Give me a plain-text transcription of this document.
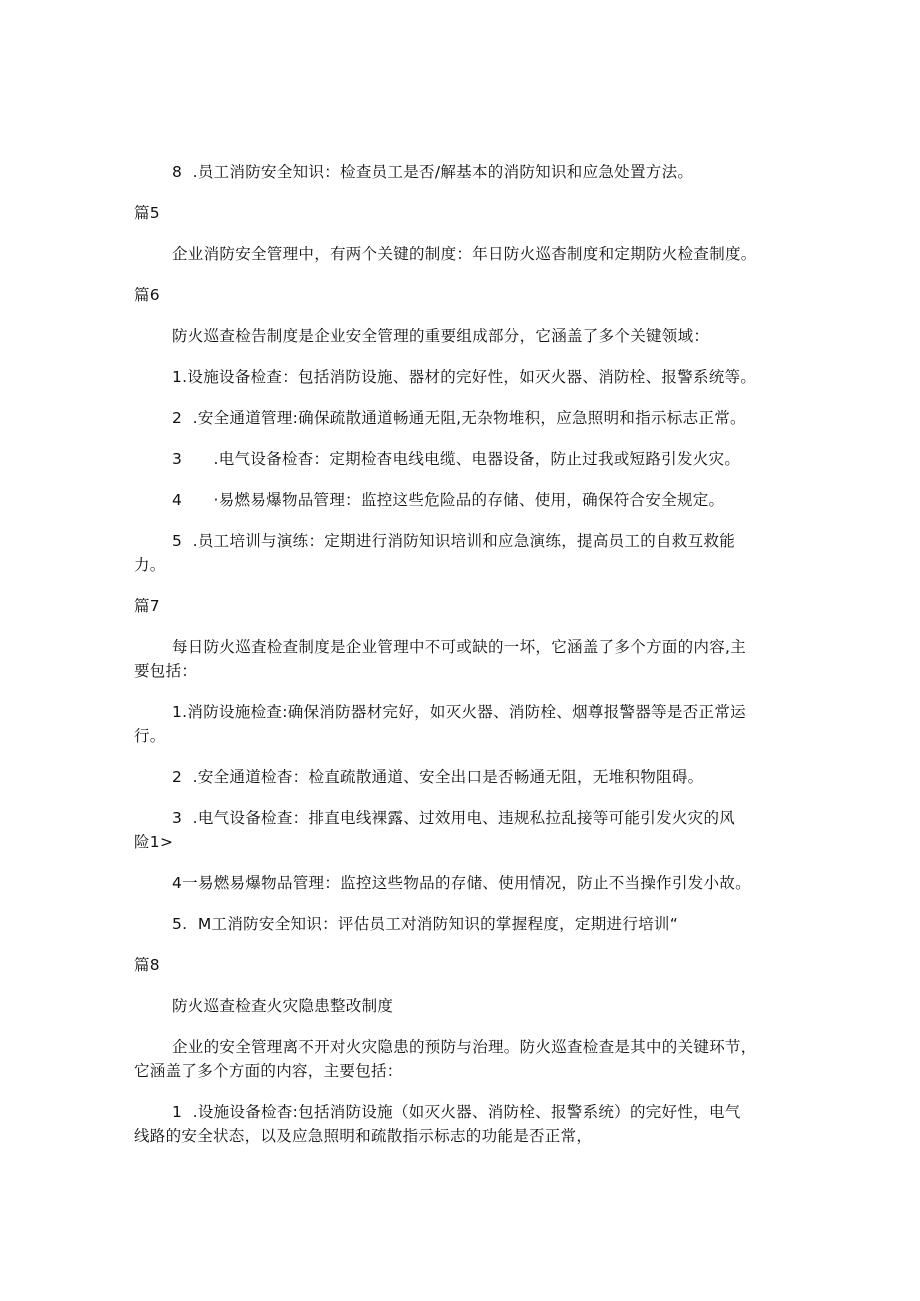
8  .员工消防安全知识：检查员工是否/解基本的消防知识和应急处置方法。
篇5
企业消防安全管理中，有两个关键的制度：年日防火巡杳制度和定期防火检查制度。
篇6
防火巡查检告制度是企业安全管理的重要组成部分，它涵盖了多个关键领域：
1.设施设备检查：包括消防设施、器材的完好性，如灭火器、消防栓、报警系统等。
2  .安全通道管理:确保疏散通道畅通无阻,无杂物堆积，应急照明和指示标志正常。
3      .电气设备检杳：定期检杳电线电缆、电器设备，防止过我或短路引发火灾。
4      ·易燃易爆物品管理：监控这些危险品的存储、使用，确保符合安全规定。
5  .员工培训与演练：定期进行消防知识培训和应急演练，提高员工的自救互救能
力。
篇7
每日防火巡査检查制度是企业管理中不可或缺的一坏，它涵盖了多个方面的内容,主
要包括：
1.消防设施检查:确保消防器材完好，如灭火器、消防栓、烟尊报警器等是否正常运
行。
2  .安全通道检杳：检直疏散通道、安全出口是否畅通无阻，无堆积物阻碍。
3  .电气设备检查：排直电线裸露、过效用电、违规私拉乱接等可能引发火灾的风
险1>
4一易燃易爆物品管理：监控这些物品的存储、使用情况，防止不当操作引发小故。
5.  M工消防安全知识：评估员工对消防知识的掌握程度，定期进行培训“
篇8
防火巡查检查火灾隐患整改制度
企业的安全管理离不开对火灾隐患的预防与治理。防火巡查检查是其中的关键环节，
它涵盖了多个方面的内容，主要包括：
1  .设施设备检杳:包括消防设施（如灭火器、消防栓、报警系统）的完好性，电气
线路的安全状态，以及应急照明和疏散指示标志的功能是否正常，
